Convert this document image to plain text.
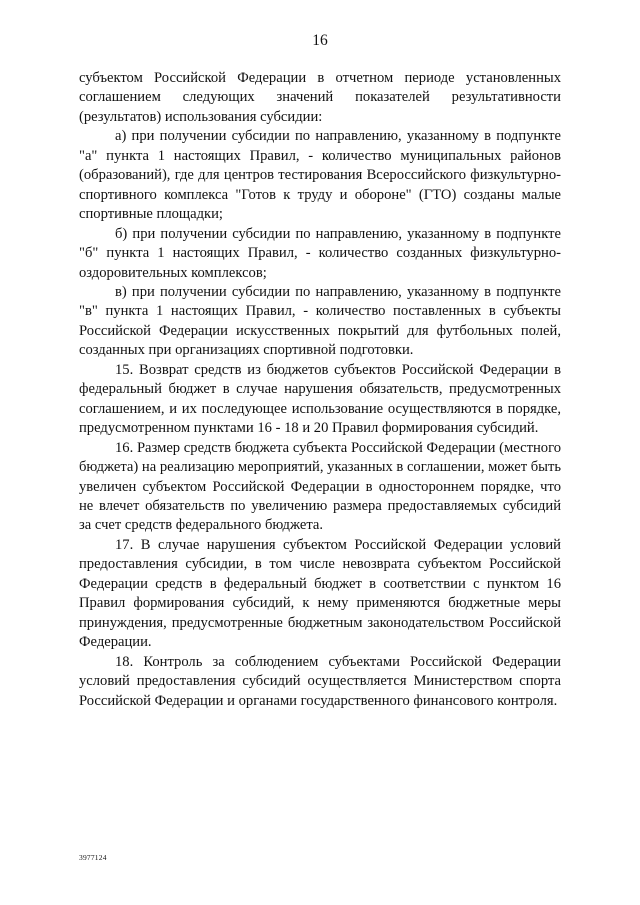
16

субъектом Российской Федерации в отчетном периоде установленных соглашением следующих значений показателей результативности (результатов) использования субсидии:

а) при получении субсидии по направлению, указанному в подпункте "а" пункта 1 настоящих Правил, - количество муниципальных районов (образований), где для центров тестирования Всероссийского физкультурно-спортивного комплекса "Готов к труду и обороне" (ГТО) созданы малые спортивные площадки;

б) при получении субсидии по направлению, указанному в подпункте "б" пункта 1 настоящих Правил, - количество созданных физкультурно-оздоровительных комплексов;

в) при получении субсидии по направлению, указанному в подпункте "в" пункта 1 настоящих Правил, - количество поставленных в субъекты Российской Федерации искусственных покрытий для футбольных полей, созданных при организациях спортивной подготовки.

15. Возврат средств из бюджетов субъектов Российской Федерации в федеральный бюджет в случае нарушения обязательств, предусмотренных соглашением, и их последующее использование осуществляются в порядке, предусмотренном пунктами 16 - 18 и 20 Правил формирования субсидий.

16. Размер средств бюджета субъекта Российской Федерации (местного бюджета) на реализацию мероприятий, указанных в соглашении, может быть увеличен субъектом Российской Федерации в одностороннем порядке, что не влечет обязательств по увеличению размера предоставляемых субсидий за счет средств федерального бюджета.

17. В случае нарушения субъектом Российской Федерации условий предоставления субсидии, в том числе невозврата субъектом Российской Федерации средств в федеральный бюджет в соответствии с пунктом 16 Правил формирования субсидий, к нему применяются бюджетные меры принуждения, предусмотренные бюджетным законодательством Российской Федерации.

18. Контроль за соблюдением субъектами Российской Федерации условий предоставления субсидий осуществляется Министерством спорта Российской Федерации и органами государственного финансового контроля.

3977124
